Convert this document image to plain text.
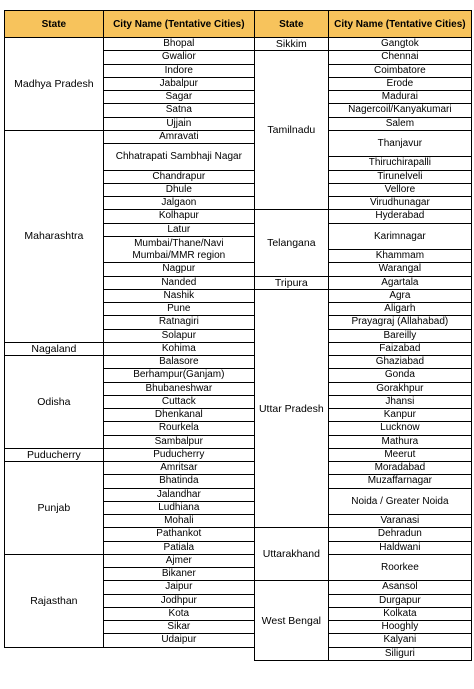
State	City Name (Tentative Cities)
Madhya Pradesh	Bhopal
	Gwalior
	Indore
	Jabalpur
	Sagar
	Satna
	Ujjain
Maharashtra	Amravati
	Chhatrapati Sambhaji Nagar
	Chandrapur
	Dhule
	Jalgaon
	Kolhapur
	Latur
	Mumbai/Thane/Navi Mumbai/MMR region
	Nagpur
	Nanded
	Nashik
	Pune
	Ratnagiri
	Solapur
Nagaland	Kohima
Odisha	Balasore
	Berhampur(Ganjam)
	Bhubaneshwar
	Cuttack
	Dhenkanal
	Rourkela
	Sambalpur
Puducherry	Puducherry
Punjab	Amritsar
	Bhatinda
	Jalandhar
	Ludhiana
	Mohali
	Pathankot
	Patiala
Rajasthan	Ajmer
	Bikaner
	Jaipur
	Jodhpur
	Kota
	Sikar
	Udaipur
State	City Name (Tentative Cities)
Sikkim	Gangtok
Tamilnadu	Chennai
	Coimbatore
	Erode
	Madurai
	Nagercoil/Kanyakumari
	Salem
	Thanjavur
	Thiruchirapalli
	Tirunelveli
	Vellore
	Virudhunagar
Telangana	Hyderabad
	Karimnagar
	Khammam
	Warangal
Tripura	Agartala
Uttar Pradesh	Agra
	Aligarh
	Prayagraj (Allahabad)
	Bareilly
	Faizabad
	Ghaziabad
	Gonda
	Gorakhpur
	Jhansi
	Kanpur
	Lucknow
	Mathura
	Meerut
	Moradabad
	Muzaffarnagar
	Noida / Greater Noida
	Varanasi
Uttarakhand	Dehradun
	Haldwani
	Roorkee
West Bengal	Asansol
	Durgapur
	Kolkata
	Hooghly
	Kalyani
	Siliguri
